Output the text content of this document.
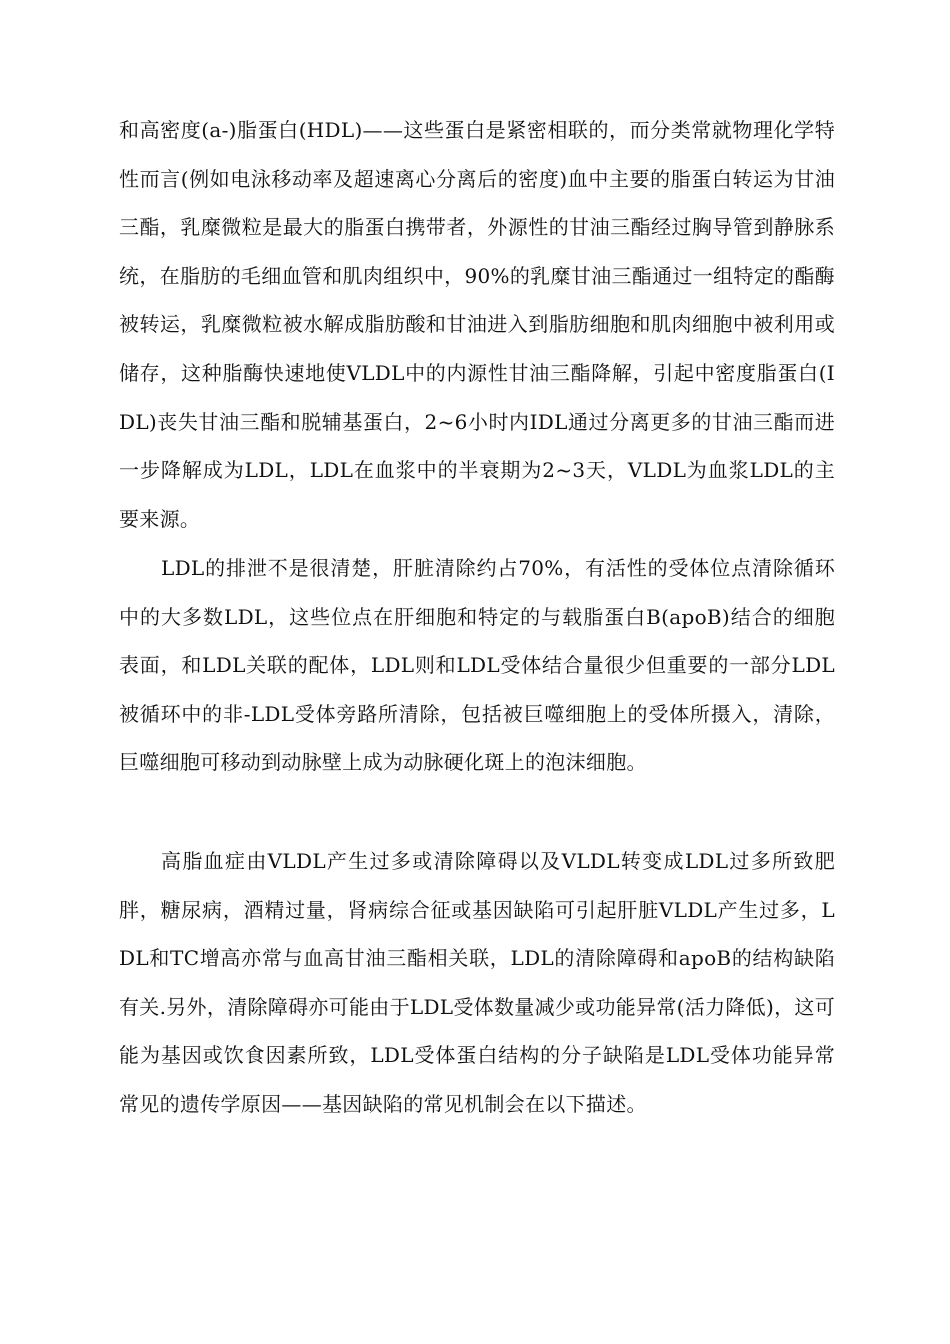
和高密度(a-)脂蛋白(HDL)——这些蛋白是紧密相联的，而分类常就物理化学特性而言(例如电泳移动率及超速离心分离后的密度)血中主要的脂蛋白转运为甘油三酯，乳糜微粒是最大的脂蛋白携带者，外源性的甘油三酯经过胸导管到静脉系统，在脂肪的毛细血管和肌肉组织中，90%的乳糜甘油三酯通过一组特定的酯酶被转运，乳糜微粒被水解成脂肪酸和甘油进入到脂肪细胞和肌肉细胞中被利用或储存，这种脂酶快速地使VLDL中的内源性甘油三酯降解，引起中密度脂蛋白(IDL)丧失甘油三酯和脱辅基蛋白，2~6小时内IDL通过分离更多的甘油三酯而进一步降解成为LDL，LDL在血浆中的半衰期为2~3天，VLDL为血浆LDL的主要来源。

LDL的排泄不是很清楚，肝脏清除约占70%，有活性的受体位点清除循环中的大多数LDL，这些位点在肝细胞和特定的与载脂蛋白B(apoB)结合的细胞表面，和LDL关联的配体，LDL则和LDL受体结合量很少但重要的一部分LDL被循环中的非-LDL受体旁路所清除，包括被巨噬细胞上的受体所摄入，清除，巨噬细胞可移动到动脉壁上成为动脉硬化斑上的泡沫细胞。

高脂血症由VLDL产生过多或清除障碍以及VLDL转变成LDL过多所致肥胖，糖尿病，酒精过量，肾病综合征或基因缺陷可引起肝脏VLDL产生过多，LDL和TC增高亦常与血高甘油三酯相关联，LDL的清除障碍和apoB的结构缺陷有关.另外，清除障碍亦可能由于LDL受体数量减少或功能异常(活力降低)，这可能为基因或饮食因素所致，LDL受体蛋白结构的分子缺陷是LDL受体功能异常常见的遗传学原因——基因缺陷的常见机制会在以下描述。
